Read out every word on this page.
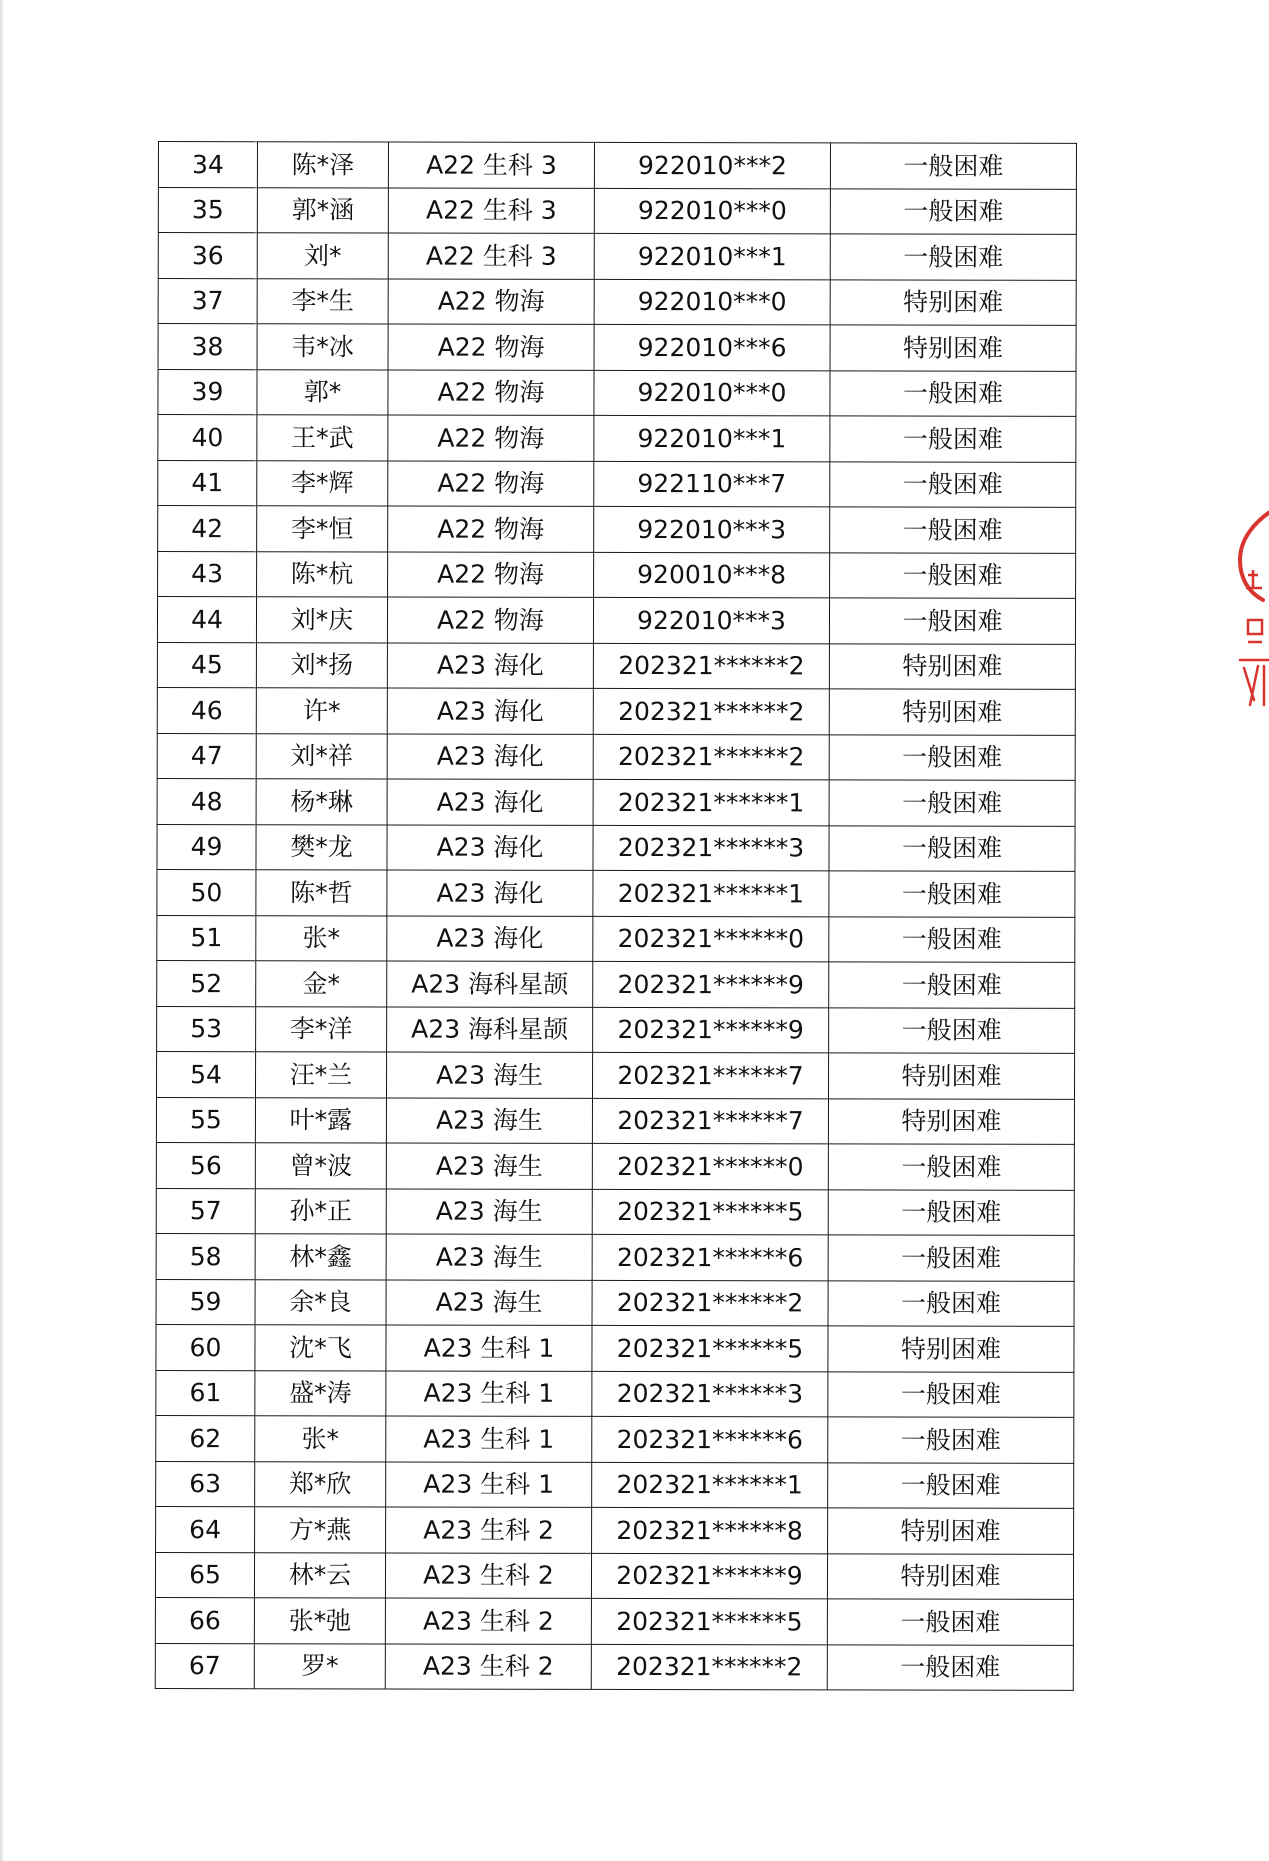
34	陈*泽	A22 生科 3	922010***2	一般困难
35	郭*涵	A22 生科 3	922010***0	一般困难
36	刘*	A22 生科 3	922010***1	一般困难
37	李*生	A22 物海	922010***0	特别困难
38	韦*冰	A22 物海	922010***6	特别困难
39	郭*	A22 物海	922010***0	一般困难
40	王*武	A22 物海	922010***1	一般困难
41	李*辉	A22 物海	922110***7	一般困难
42	李*恒	A22 物海	922010***3	一般困难
43	陈*杭	A22 物海	920010***8	一般困难
44	刘*庆	A22 物海	922010***3	一般困难
45	刘*扬	A23 海化	202321******2	特别困难
46	许*	A23 海化	202321******2	特别困难
47	刘*祥	A23 海化	202321******2	一般困难
48	杨*琳	A23 海化	202321******1	一般困难
49	樊*龙	A23 海化	202321******3	一般困难
50	陈*哲	A23 海化	202321******1	一般困难
51	张*	A23 海化	202321******0	一般困难
52	金*	A23 海科星颉	202321******9	一般困难
53	李*洋	A23 海科星颉	202321******9	一般困难
54	汪*兰	A23 海生	202321******7	特别困难
55	叶*露	A23 海生	202321******7	特别困难
56	曾*波	A23 海生	202321******0	一般困难
57	孙*正	A23 海生	202321******5	一般困难
58	林*鑫	A23 海生	202321******6	一般困难
59	余*良	A23 海生	202321******2	一般困难
60	沈*飞	A23 生科 1	202321******5	特别困难
61	盛*涛	A23 生科 1	202321******3	一般困难
62	张*	A23 生科 1	202321******6	一般困难
63	郑*欣	A23 生科 1	202321******1	一般困难
64	方*燕	A23 生科 2	202321******8	特别困难
65	林*云	A23 生科 2	202321******9	特别困难
66	张*弛	A23 生科 2	202321******5	一般困难
67	罗*	A23 生科 2	202321******2	一般困难
